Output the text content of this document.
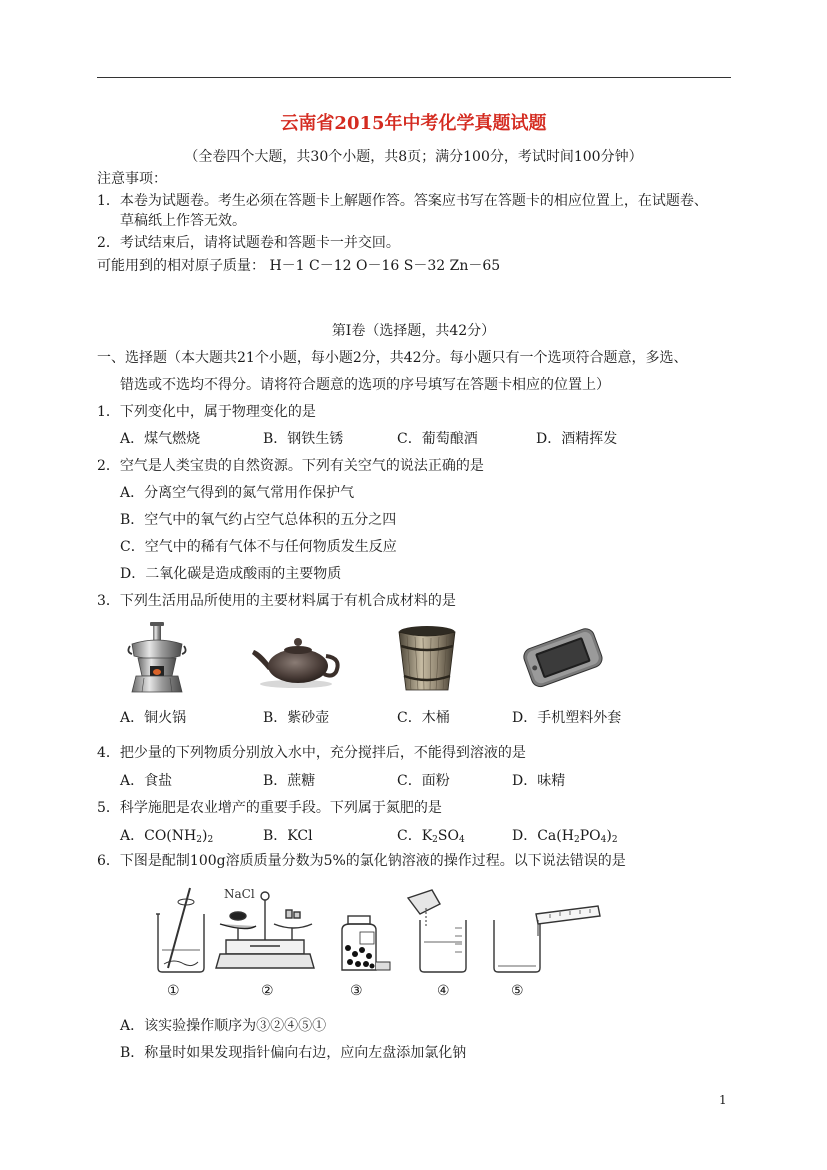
云南省2015年中考化学真题试题
（全卷四个大题，共30个小题，共8页；满分100分，考试时间100分钟）
注意事项：
1．本卷为试题卷。考生必须在答题卡上解题作答。答案应书写在答题卡的相应位置上，在试题卷、
草稿纸上作答无效。
2．考试结束后，请将试题卷和答题卡一并交回。
可能用到的相对原子质量： H－1 C－12 O－16 S－32 Zn－65
第Ⅰ卷（选择题，共42分）
一、选择题（本大题共21个小题，每小题2分，共42分。每小题只有一个选项符合题意，多选、
错选或不选均不得分。请将符合题意的选项的序号填写在答题卡相应的位置上）
1．下列变化中，属于物理变化的是
A．煤气燃烧	B．钢铁生锈	C．葡萄酿酒	D．酒精挥发
2．空气是人类宝贵的自然资源。下列有关空气的说法正确的是
A．分离空气得到的氮气常用作保护气
B．空气中的氧气约占空气总体积的五分之四
C．空气中的稀有气体不与任何物质发生反应
D．二氧化碳是造成酸雨的主要物质
3．下列生活用品所使用的主要材料属于有机合成材料的是
A．铜火锅	B．紫砂壶	C．木桶	D．手机塑料外套
4．把少量的下列物质分别放入水中，充分搅拌后，不能得到溶液的是
A．食盐	B．蔗糖	C．面粉	D．味精
5．科学施肥是农业增产的重要手段。下列属于氮肥的是
A．$CO(NH_2)_2$	B．KCl	C．$K_2SO_4$	D．$Ca(H_2PO_4)_2$
6．下图是配制100g溶质质量分数为5%的氯化钠溶液的操作过程。以下说法错误的是
NaCl
①	②	③	④	⑤
A．该实验操作顺序为③②④⑤①
B．称量时如果发现指针偏向右边，应向左盘添加氯化钠
1
